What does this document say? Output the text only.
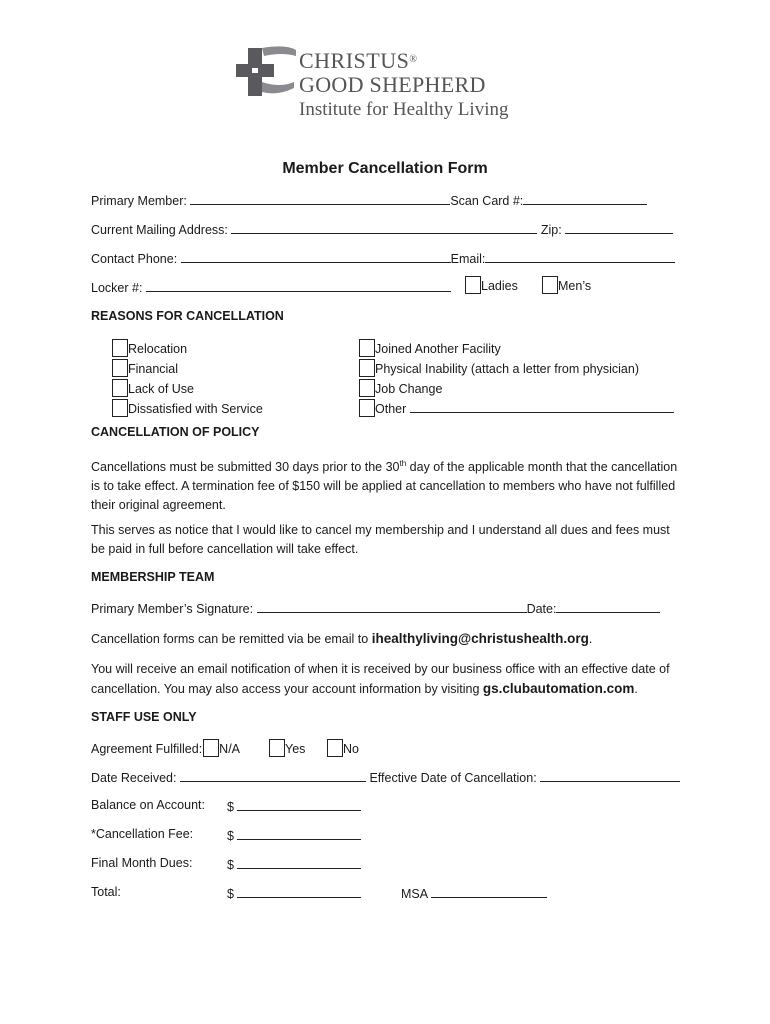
CHRISTUS®
GOOD SHEPHERD
Institute for Healthy Living
Member Cancellation Form
Primary Member:	Scan Card #:
Current Mailing Address:	Zip:
Contact Phone:	Email:
Locker #:	Ladies	Men’s
REASONS FOR CANCELLATION
Relocation
Financial
Lack of Use
Dissatisfied with Service
Joined Another Facility
Physical Inability (attach a letter from physician)
Job Change
Other
CANCELLATION OF POLICY
Cancellations must be submitted 30 days prior to the 30th day of the applicable month that the cancellation is to take effect. A termination fee of $150 will be applied at cancellation to members who have not fulfilled their original agreement.
This serves as notice that I would like to cancel my membership and I understand all dues and fees must be paid in full before cancellation will take effect.
MEMBERSHIP TEAM
Primary Member’s Signature:	Date:
Cancellation forms can be remitted via be email to ihealthyliving@christushealth.org.
You will receive an email notification of when it is received by our business office with an effective date of cancellation. You may also access your account information by visiting gs.clubautomation.com.
STAFF USE ONLY
Agreement Fulfilled: N/A	Yes	No
Date Received:	Effective Date of Cancellation:
Balance on Account: $
*Cancellation Fee:	$
Final Month Dues:	$
Total:	$	MSA
